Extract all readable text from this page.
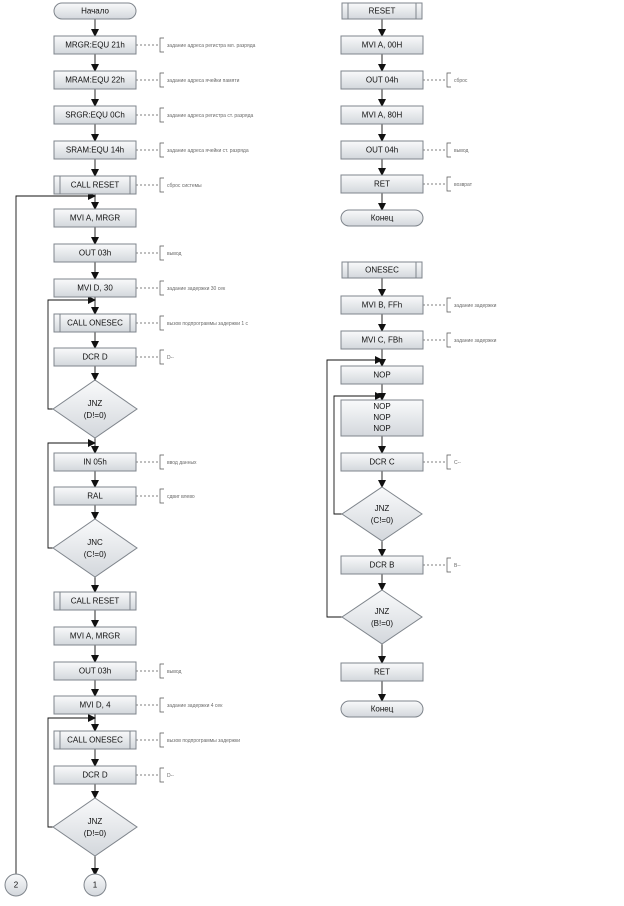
задание адреса регистра мл. разряда
задание адреса ячейки памяти
задание адреса регистра ст. разряда
задание адреса ячейки ст. разряда
сброс системы
вывод
задание задержки 30 сек
вызов подпрограммы задержки 1 с
D--
ввод данных
сдвиг влево
вывод
задание задержки 4 сек
вызов подпрограммы задержки
D--
сброс
вывод
возврат
задание задержки
задание задержки
C--
B--
Начало
MRGR:EQU 21h
MRAM:EQU 22h
SRGR:EQU 0Ch
SRAM:EQU 14h
CALL RESET
MVI A, MRGR
OUT 03h
MVI D, 30
CALL ONESEC
DCR D
JNZ
(D!=0)
IN 05h
RAL
JNC
(C!=0)
CALL RESET
MVI A, MRGR
OUT 03h
MVI D, 4
CALL ONESEC
DCR D
JNZ
(D!=0)
1
2
RESET
MVI A, 00H
OUT 04h
MVI A, 80H
OUT 04h
RET
Конец
ONESEC
MVI B, FFh
MVI C, FBh
NOP
NOP
NOP
NOP
DCR C
JNZ
(C!=0)
DCR B
JNZ
(B!=0)
RET
Конец
